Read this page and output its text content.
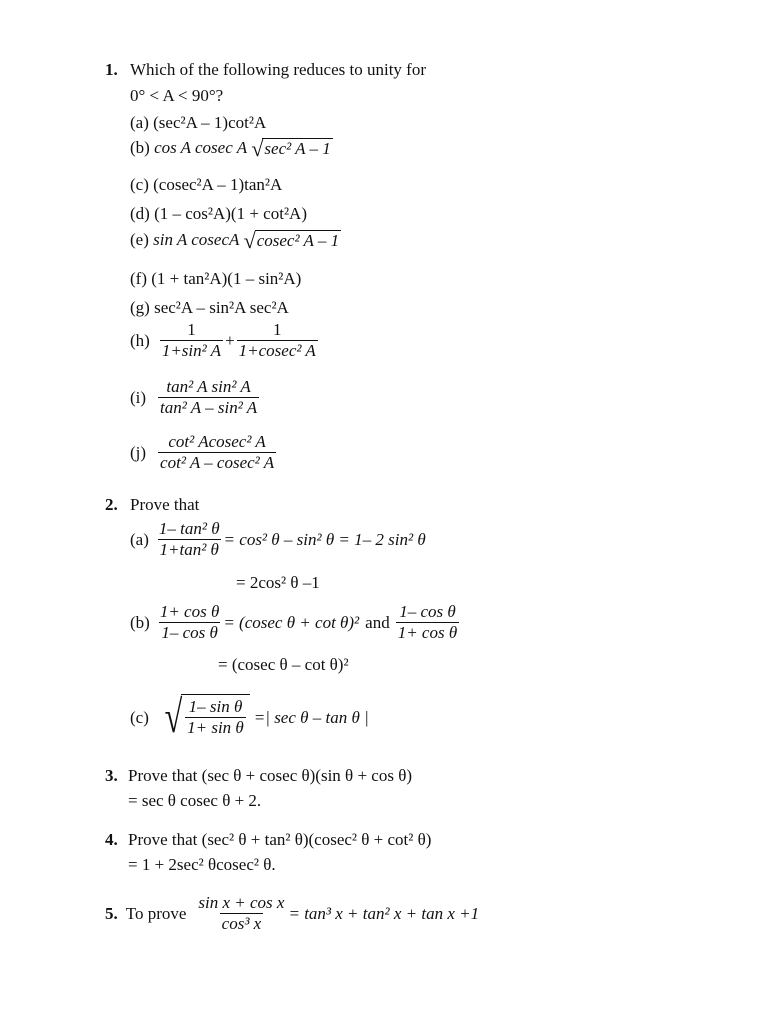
1. Which of the following reduces to unity for
0° < A < 90°?
(a) (sec²A – 1)cot²A
(b) cos A cosec A √ sec² A – 1
(c) (cosec²A – 1)tan²A
(d) (1 – cos²A)(1 + cot²A)
(e) sin A cosecA √ cosec² A – 1
(f) (1 + tan²A)(1 – sin²A)
(g) sec²A – sin²A sec²A
$(h) \frac{1}{\text{1+sin² A}} + \frac{1}{\text{1+cosec² A}}$
$(i) \frac{\text{tan² A sin² A}}{\text{tan² A – sin² A}}$
$(j) \frac{\text{cot² Acosec² A}}{\text{cot² A – cosec² A}}$
2. Prove that
$(a) \frac{\text{1– tan² θ}}{\text{1+tan² θ}} = \cos^2$ θ – sin² θ = 1– 2 sin² θ
= 2cos² θ –1
$(b) \frac{\text{1+ cos θ}}{\text{1– cos θ}} = (cosec$ θ + cot θ)² and $\frac{\text{1– cos θ}}{\text{1+ cos θ}}$
= (cosec θ – cot θ)²
(c) √ $\frac{\text{1– sin θ}}{\text{1+ sin θ}}$ =| sec θ – tan θ |
3. Prove that (sec θ + cosec θ)(sin θ + cos θ)
= sec θ cosec θ + 2.
4. Prove that (sec² θ + tan² θ)(cosec² θ + cot² θ)
= 1 + 2sec² θcosec² θ.
5. To prove $\frac{\text{sin x + cos x}}{\text{cos³ x}} = \tan^3$ x + tan² x + tan x +1
